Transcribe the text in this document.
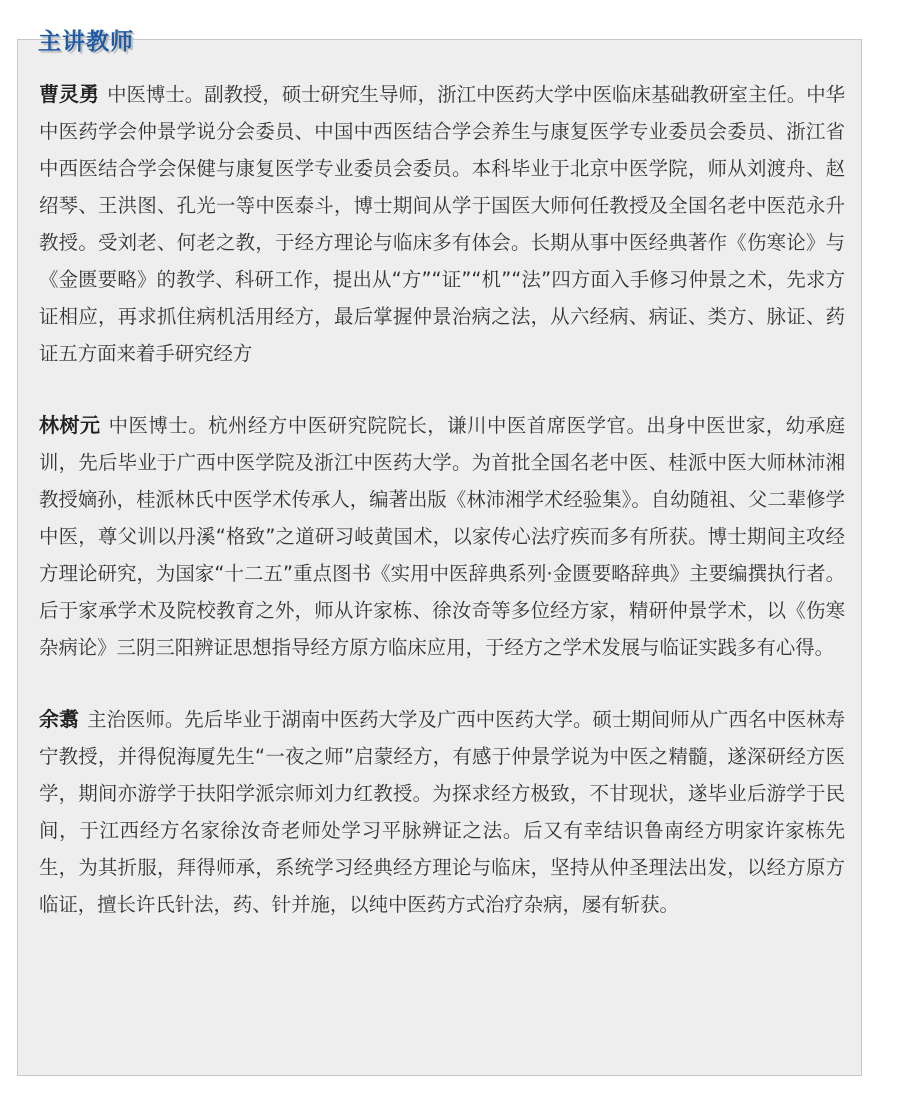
主讲教师

曹灵勇 中医博士。副教授，硕士研究生导师，浙江中医药大学中医临床基础教研室主任。中华中医药学会仲景学说分会委员、中国中西医结合学会养生与康复医学专业委员会委员、浙江省中西医结合学会保健与康复医学专业委员会委员。本科毕业于北京中医学院，师从刘渡舟、赵绍琴、王洪图、孔光一等中医泰斗，博士期间从学于国医大师何任教授及全国名老中医范永升教授。受刘老、何老之教，于经方理论与临床多有体会。长期从事中医经典著作《伤寒论》与《金匮要略》的教学、科研工作，提出从“方”“证”“机”“法”四方面入手修习仲景之术，先求方证相应，再求抓住病机活用经方，最后掌握仲景治病之法，从六经病、病证、类方、脉证、药证五方面来着手研究经方

林树元 中医博士。杭州经方中医研究院院长，谦川中医首席医学官。出身中医世家，幼承庭训，先后毕业于广西中医学院及浙江中医药大学。为首批全国名老中医、桂派中医大师林沛湘教授嫡孙，桂派林氏中医学术传承人，编著出版《林沛湘学术经验集》。自幼随祖、父二辈修学中医，尊父训以丹溪“格致”之道研习岐黄国术，以家传心法疗疾而多有所获。博士期间主攻经方理论研究，为国家“十二五”重点图书《实用中医辞典系列·金匮要略辞典》主要编撰执行者。后于家承学术及院校教育之外，师从许家栋、徐汝奇等多位经方家，精研仲景学术，以《伤寒杂病论》三阴三阳辨证思想指导经方原方临床应用，于经方之学术发展与临证实践多有心得。

余翥 主治医师。先后毕业于湖南中医药大学及广西中医药大学。硕士期间师从广西名中医林寿宁教授，并得倪海厦先生“一夜之师”启蒙经方，有感于仲景学说为中医之精髓，遂深研经方医学，期间亦游学于扶阳学派宗师刘力红教授。为探求经方极致，不甘现状，遂毕业后游学于民间，于江西经方名家徐汝奇老师处学习平脉辨证之法。后又有幸结识鲁南经方明家许家栋先生，为其折服，拜得师承，系统学习经典经方理论与临床，坚持从仲圣理法出发，以经方原方临证，擅长许氏针法，药、针并施，以纯中医药方式治疗杂病，屡有斩获。
